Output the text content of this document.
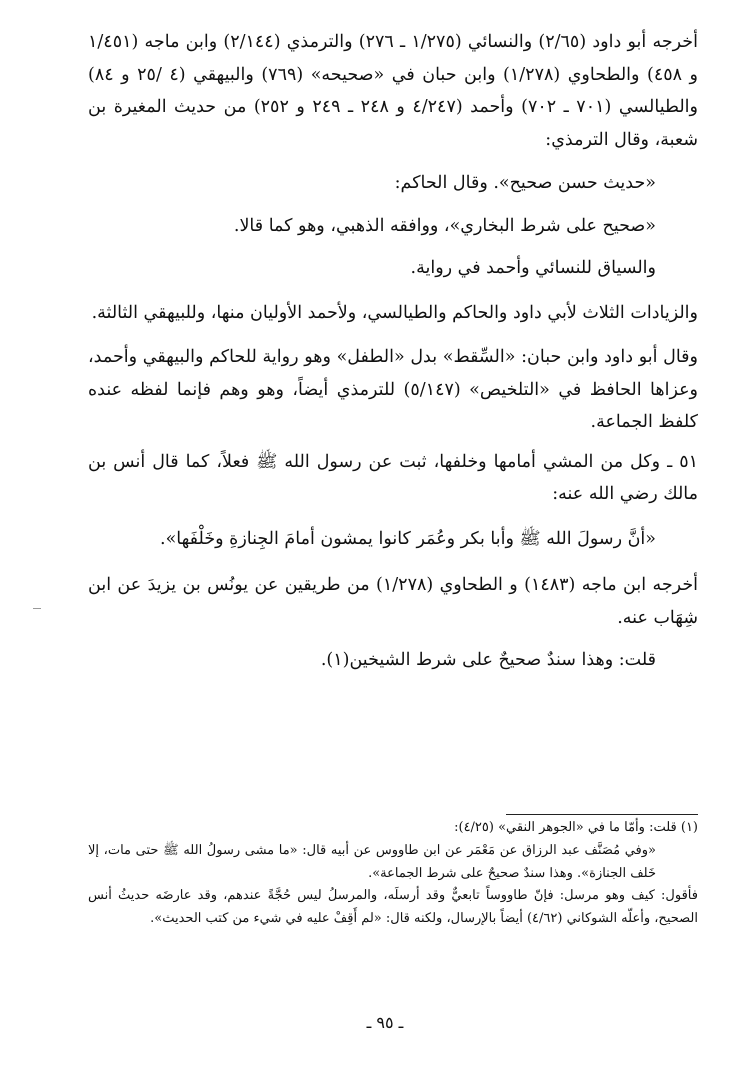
أخرجه أبو داود (٢/٦٥) والنسائي (١/٢٧٥ ـ ٢٧٦) والترمذي (٢/١٤٤) وابن ماجه (١/٤٥١ و ٤٥٨) والطحاوي (١/٢٧٨) وابن حبان في «صحيحه» (٧٦٩) والبيهقي (٤ /٢٥ و ٨٤) والطيالسي (٧٠١ ـ ٧٠٢) وأحمد (٤/٢٤٧ و ٢٤٨ ـ ٢٤٩ و ٢٥٢) من حديث المغيرة بن شعبة، وقال الترمذي:

«حديث حسن صحيح». وقال الحاكم:

«صحيح على شرط البخاري»، ووافقه الذهبي، وهو كما قالا.

والسياق للنسائي وأحمد في رواية.

والزيادات الثلاث لأبي داود والحاكم والطيالسي، ولأحمد الأوليان منها، وللبيهقي الثالثة.

وقال أبو داود وابن حبان: «السِّقط» بدل «الطفل» وهو رواية للحاكم والبيهقي وأحمد، وعزاها الحافظ في «التلخيص» (٥/١٤٧) للترمذي أيضاً، وهو وهم فإنما لفظه عنده كلفظ الجماعة.

٥١ ـ وكل من المشي أمامها وخلفها، ثبت عن رسول الله ﷺ فعلاً، كما قال أنس بن مالك رضي الله عنه:

«أنَّ رسولَ الله ﷺ وأبا بكر وعُمَر كانوا يمشون أمامَ الجِنازةِ وخَلْفَها».

أخرجه ابن ماجه (١٤٨٣) و الطحاوي (١/٢٧٨) من طريقين عن يونُس بن يزيدَ عن ابن شِهَاب عنه.

قلت: وهذا سندٌ صحيحٌ على شرط الشيخين(١).

(١) قلت: وأمّا ما في «الجوهر النقي» (٤/٢٥):

«وفي مُصَنَّف عبد الرزاق عن مَعْمَر عن ابن طاووس عن أبيه قال: «ما مشى رسولُ الله ﷺ حتى مات، إلا خَلف الجنازة». وهذا سندٌ صحيحٌ على شرط الجماعة».

فأقول: كيف وهو مرسل: فإنّ طاووساً تابعيٌّ وقد أرسلَه، والمرسلُ ليس حُجَّةً عندهم، وقد عارضَه حديثُ أنس الصحيح، وأعلّه الشوكاني (٤/٦٢) أيضاً بالإرسال، ولكنه قال: «لم أَقِفْ عليه في شيء من كتب الحديث».

ـ ٩٥ ـ
